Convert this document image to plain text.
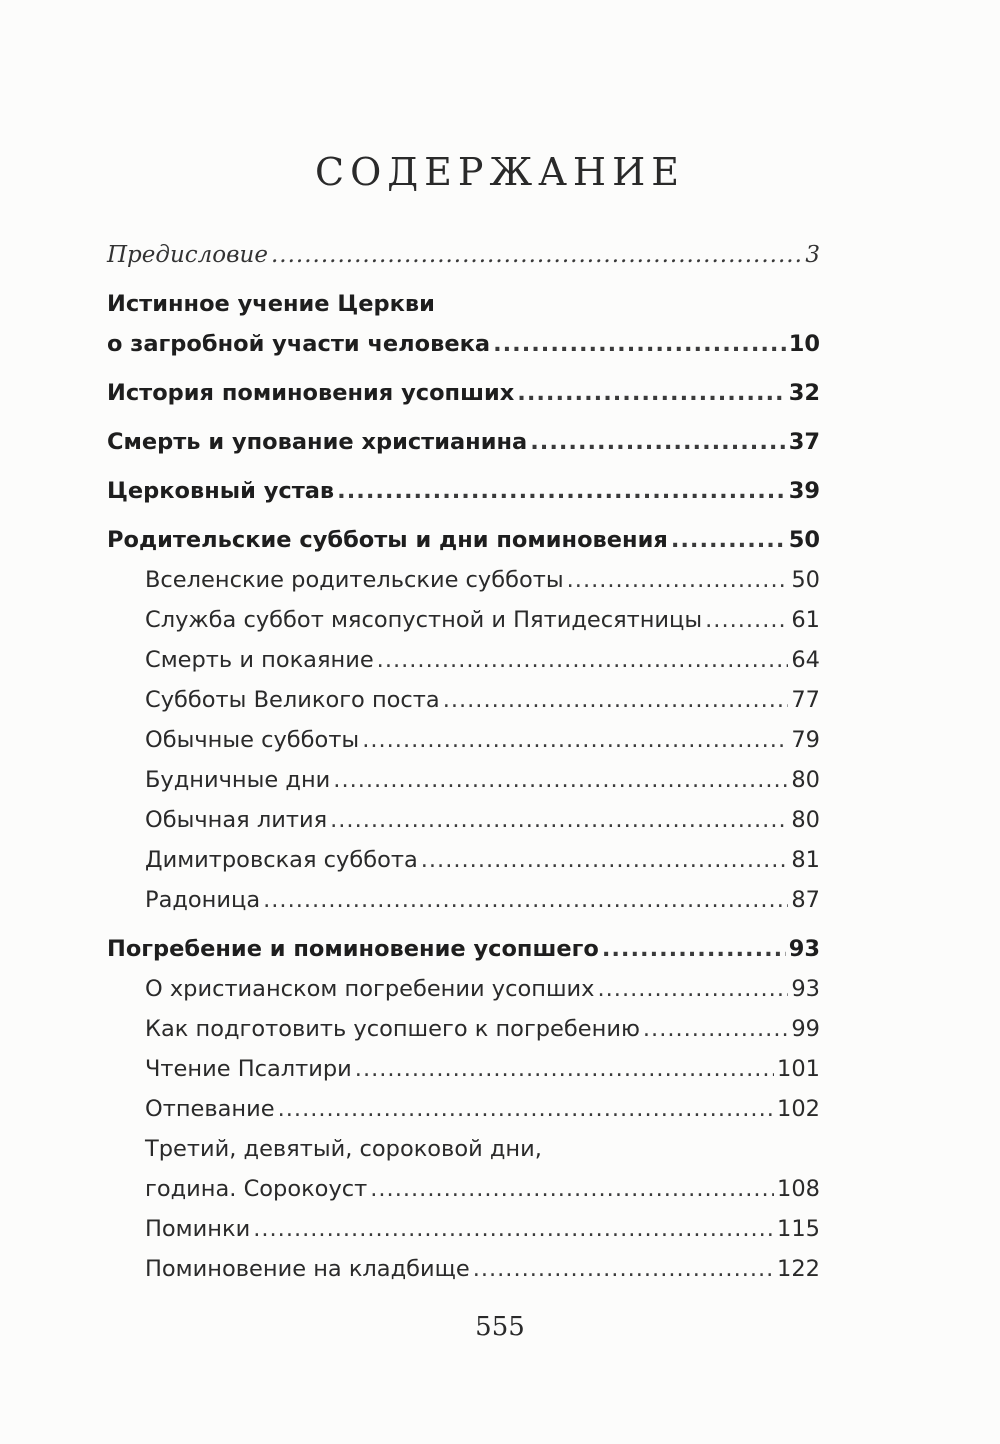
СОДЕРЖАНИЕ
Предисловие .....	3
Истинное учение Церкви
о загробной участи человека .....	10
История поминовения усопших .....	32
Смерть и упование христианина .....	37
Церковный устав .....	39
Родительские субботы и дни поминовения .....	50
Вселенские родительские субботы .....	50
Служба суббот мясопустной и Пятидесятницы .....	61
Смерть и покаяние .....	64
Субботы Великого поста .....	77
Обычные субботы .....	79
Будничные дни .....	80
Обычная лития .....	80
Димитровская суббота .....	81
Радоница .....	87
Погребение и поминовение усопшего .....	93
О христианском погребении усопших .....	93
Как подготовить усопшего к погребению .....	99
Чтение Псалтири .....	101
Отпевание .....	102
Третий, девятый, сороковой дни,
година. Сорокоуст .....	108
Поминки .....	115
Поминовение на кладбище .....	122
555
